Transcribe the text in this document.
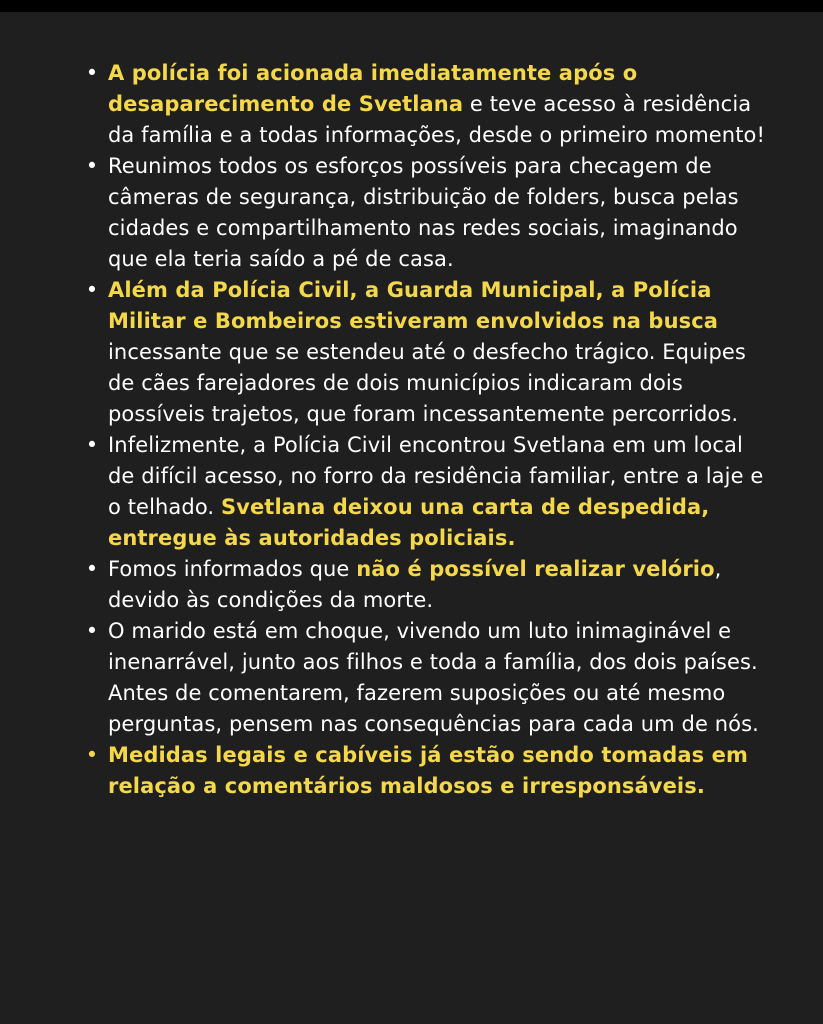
• A polícia foi acionada imediatamente após o desaparecimento de Svetlana e teve acesso à residência da família e a todas informações, desde o primeiro momento!
• Reunimos todos os esforços possíveis para checagem de câmeras de segurança, distribuição de folders, busca pelas cidades e compartilhamento nas redes sociais, imaginando que ela teria saído a pé de casa.
• Além da Polícia Civil, a Guarda Municipal, a Polícia Militar e Bombeiros estiveram envolvidos na busca incessante que se estendeu até o desfecho trágico. Equipes de cães farejadores de dois municípios indicaram dois possíveis trajetos, que foram incessantemente percorridos.
• Infelizmente, a Polícia Civil encontrou Svetlana em um local de difícil acesso, no forro da residência familiar, entre a laje e o telhado. Svetlana deixou una carta de despedida, entregue às autoridades policiais.
• Fomos informados que não é possível realizar velório, devido às condições da morte.
• O marido está em choque, vivendo um luto inimaginável e inenarrável, junto aos filhos e toda a família, dos dois países. Antes de comentarem, fazerem suposições ou até mesmo perguntas, pensem nas consequências para cada um de nós.
• Medidas legais e cabíveis já estão sendo tomadas em relação a comentários maldosos e irresponsáveis.
